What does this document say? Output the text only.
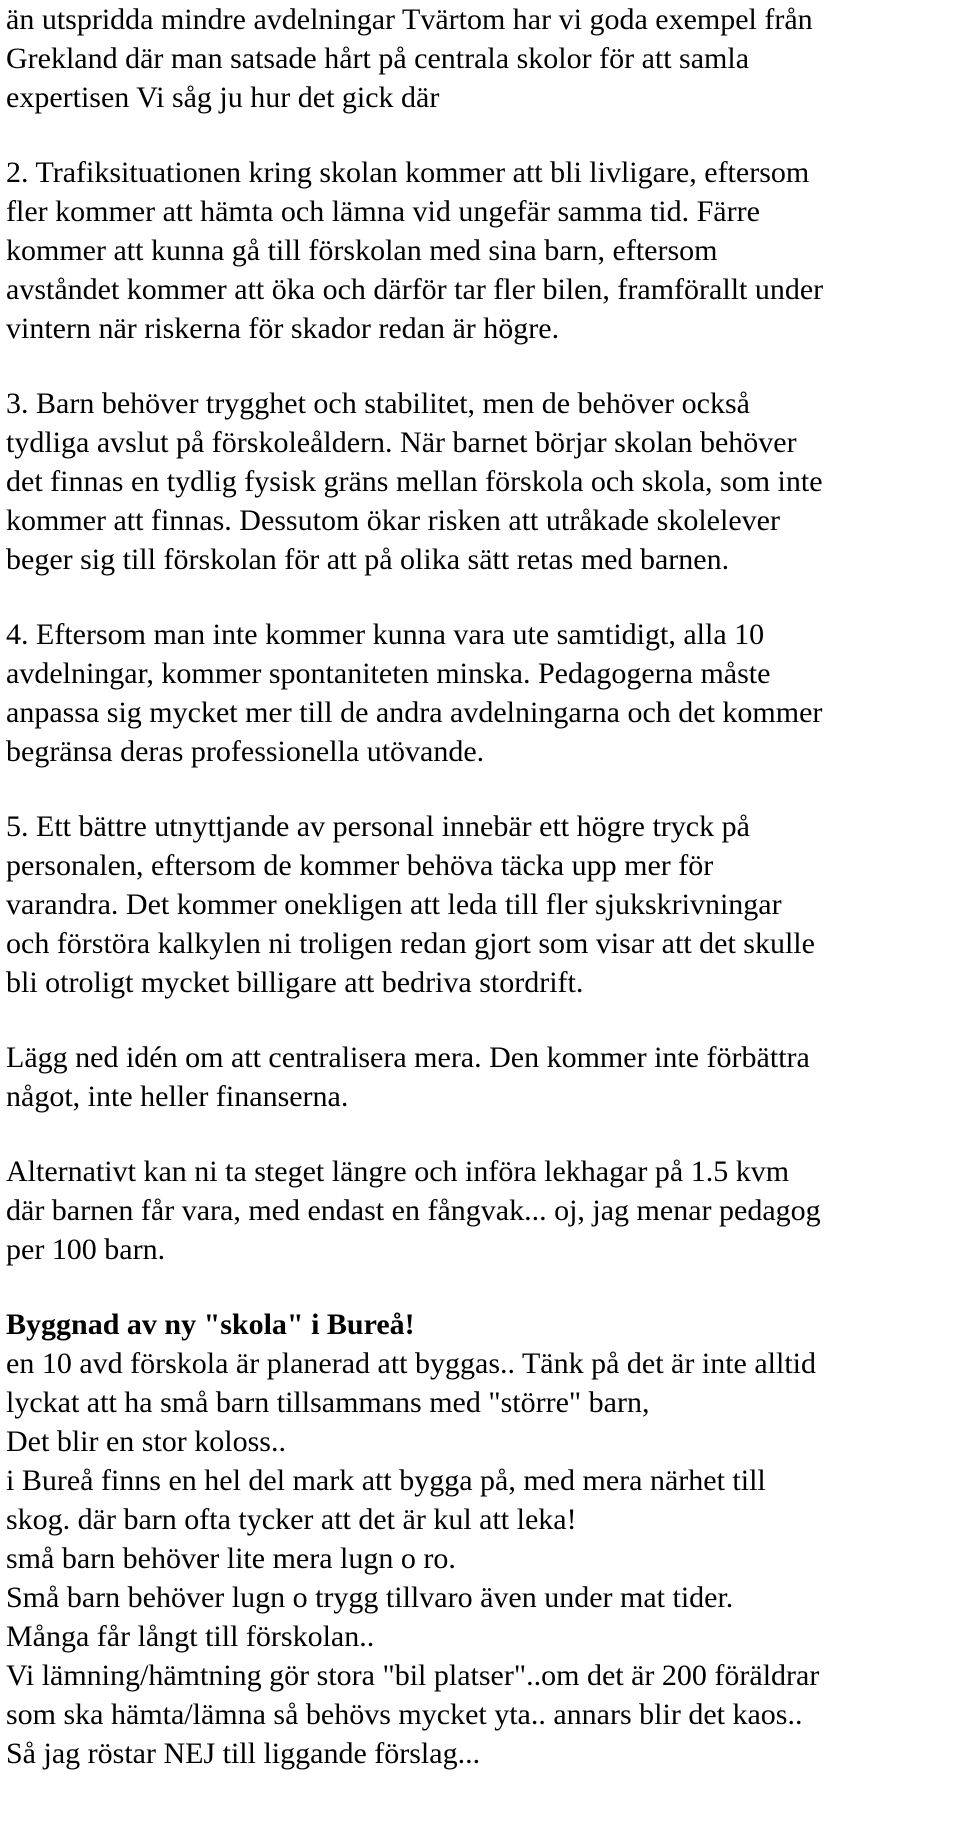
än utspridda mindre avdelningar Tvärtom har vi goda exempel från
Grekland där man satsade hårt på centrala skolor för att samla
expertisen Vi såg ju hur det gick där
2. Trafiksituationen kring skolan kommer att bli livligare, eftersom
fler kommer att hämta och lämna vid ungefär samma tid. Färre
kommer att kunna gå till förskolan med sina barn, eftersom
avståndet kommer att öka och därför tar fler bilen, framförallt under
vintern när riskerna för skador redan är högre.
3. Barn behöver trygghet och stabilitet, men de behöver också
tydliga avslut på förskoleåldern. När barnet börjar skolan behöver
det finnas en tydlig fysisk gräns mellan förskola och skola, som inte
kommer att finnas. Dessutom ökar risken att utråkade skolelever
beger sig till förskolan för att på olika sätt retas med barnen.
4. Eftersom man inte kommer kunna vara ute samtidigt, alla 10
avdelningar, kommer spontaniteten minska. Pedagogerna måste
anpassa sig mycket mer till de andra avdelningarna och det kommer
begränsa deras professionella utövande.
5. Ett bättre utnyttjande av personal innebär ett högre tryck på
personalen, eftersom de kommer behöva täcka upp mer för
varandra. Det kommer onekligen att leda till fler sjukskrivningar
och förstöra kalkylen ni troligen redan gjort som visar att det skulle
bli otroligt mycket billigare att bedriva stordrift.
Lägg ned idén om att centralisera mera. Den kommer inte förbättra
något, inte heller finanserna.
Alternativt kan ni ta steget längre och införa lekhagar på 1.5 kvm
där barnen får vara, med endast en fångvak... oj, jag menar pedagog
per 100 barn.
Byggnad av ny "skola" i Bureå!
en 10 avd förskola är planerad att byggas.. Tänk på det är inte alltid
lyckat att ha små barn tillsammans med "större" barn,
Det blir en stor koloss..
i Bureå finns en hel del mark att bygga på, med mera närhet till
skog. där barn ofta tycker att det är kul att leka!
små barn behöver lite mera lugn o ro.
Små barn behöver lugn o trygg tillvaro även under mat tider.
Många får långt till förskolan..
Vi lämning/hämtning gör stora "bil platser"..om det är 200 föräldrar
som ska hämta/lämna så behövs mycket yta.. annars blir det kaos..
Så jag röstar NEJ till liggande förslag...
